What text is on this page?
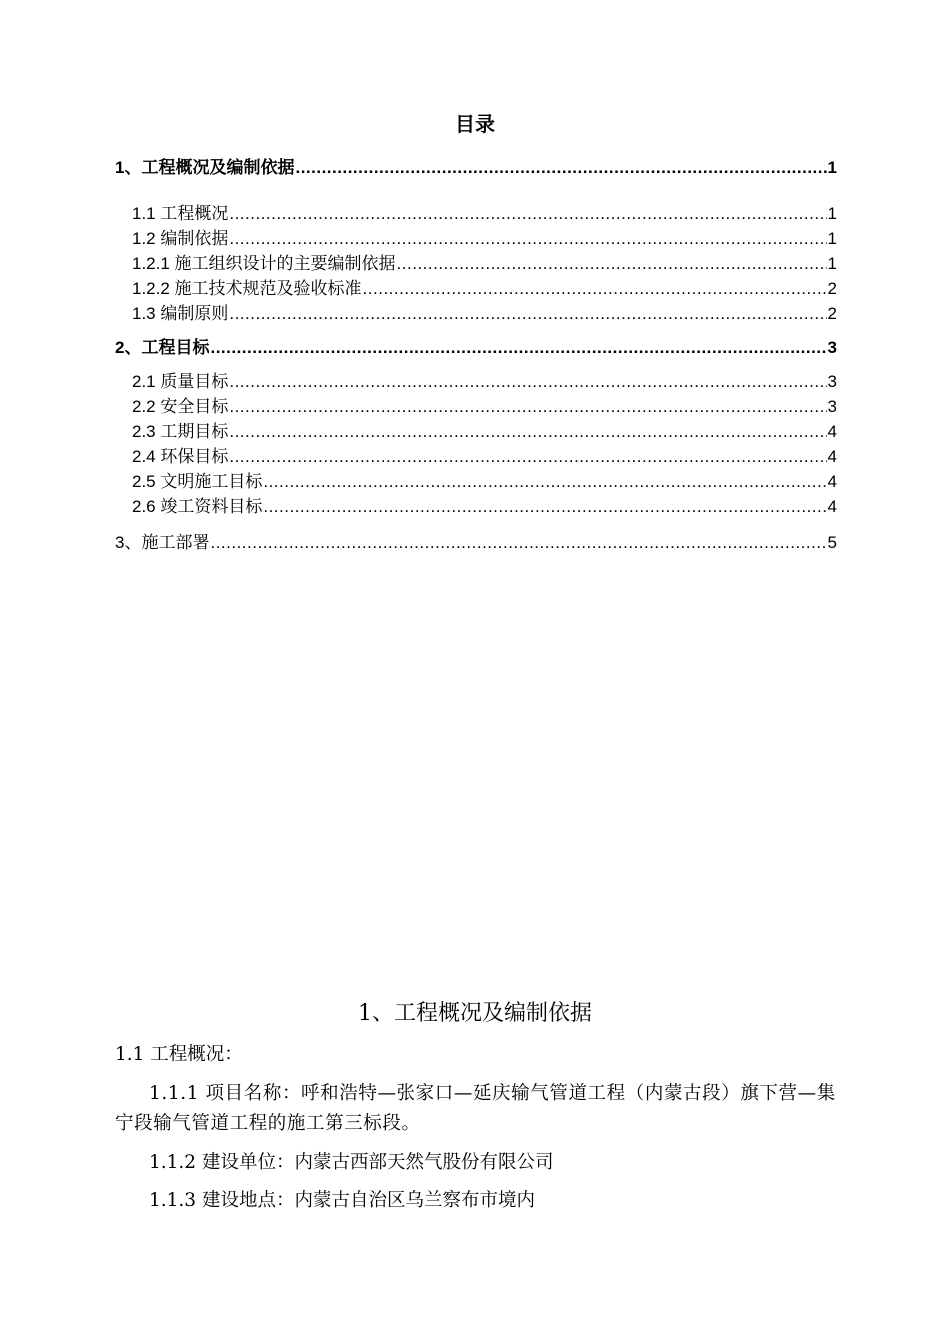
目录
1、工程概况及编制依据 .....	1
1.1 工程概况 .....	1
1.2 编制依据 .....	1
1.2.1 施工组织设计的主要编制依据 .....	1
1.2.2 施工技术规范及验收标准 .....	2
1.3 编制原则 .....	2
2、工程目标 .....	3
2.1 质量目标 .....	3
2.2 安全目标 .....	3
2.3 工期目标 .....	4
2.4 环保目标 .....	4
2.5 文明施工目标 .....	4
2.6 竣工资料目标 .....	4
3、施工部署 .....	5
1、工程概况及编制依据
1.1 工程概况：
1.1.1 项目名称：呼和浩特—张家口—延庆输气管道工程（内蒙古段）旗下营—集宁段输气管道工程的施工第三标段。
1.1.2 建设单位：内蒙古西部天然气股份有限公司
1.1.3 建设地点：内蒙古自治区乌兰察布市境内
